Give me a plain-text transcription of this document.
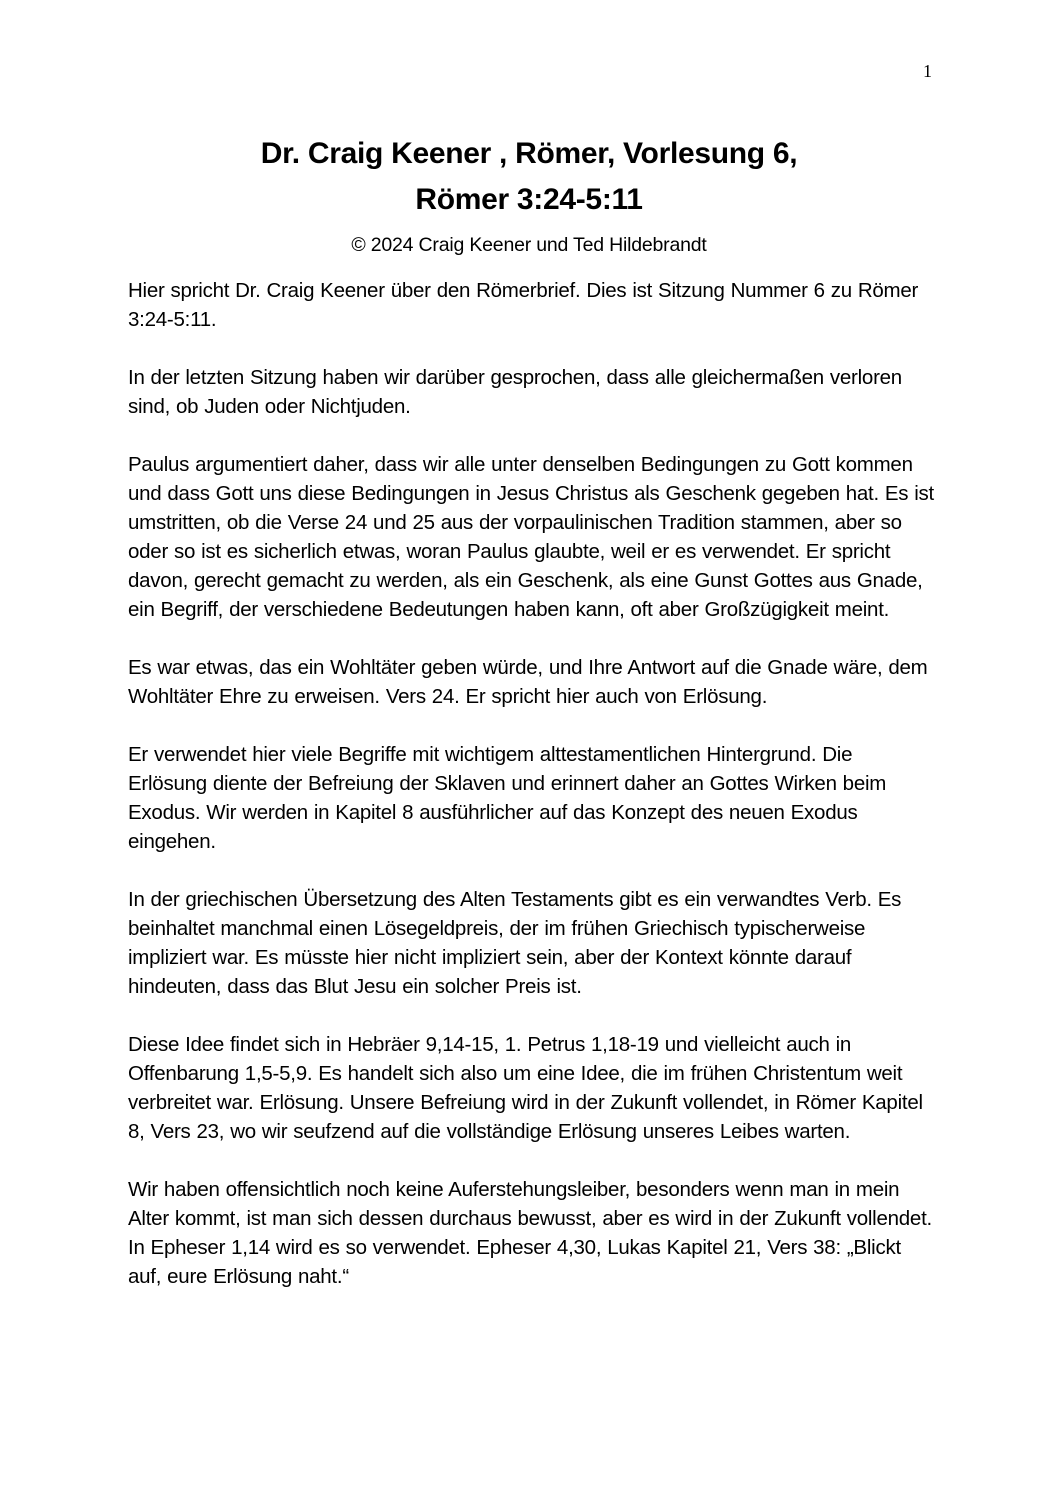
1
Dr. Craig Keener , Römer, Vorlesung 6,
Römer 3:24-5:11
© 2024 Craig Keener und Ted Hildebrandt

Hier spricht Dr. Craig Keener über den Römerbrief. Dies ist Sitzung Nummer 6 zu Römer 3:24-5:11.

In der letzten Sitzung haben wir darüber gesprochen, dass alle gleichermaßen verloren sind, ob Juden oder Nichtjuden.

Paulus argumentiert daher, dass wir alle unter denselben Bedingungen zu Gott kommen und dass Gott uns diese Bedingungen in Jesus Christus als Geschenk gegeben hat. Es ist umstritten, ob die Verse 24 und 25 aus der vorpaulinischen Tradition stammen, aber so oder so ist es sicherlich etwas, woran Paulus glaubte, weil er es verwendet. Er spricht davon, gerecht gemacht zu werden, als ein Geschenk, als eine Gunst Gottes aus Gnade, ein Begriff, der verschiedene Bedeutungen haben kann, oft aber Großzügigkeit meint.

Es war etwas, das ein Wohltäter geben würde, und Ihre Antwort auf die Gnade wäre, dem Wohltäter Ehre zu erweisen. Vers 24. Er spricht hier auch von Erlösung.

Er verwendet hier viele Begriffe mit wichtigem alttestamentlichen Hintergrund. Die Erlösung diente der Befreiung der Sklaven und erinnert daher an Gottes Wirken beim Exodus. Wir werden in Kapitel 8 ausführlicher auf das Konzept des neuen Exodus eingehen.

In der griechischen Übersetzung des Alten Testaments gibt es ein verwandtes Verb. Es beinhaltet manchmal einen Lösegeldpreis, der im frühen Griechisch typischerweise impliziert war. Es müsste hier nicht impliziert sein, aber der Kontext könnte darauf hindeuten, dass das Blut Jesu ein solcher Preis ist.

Diese Idee findet sich in Hebräer 9,14-15, 1. Petrus 1,18-19 und vielleicht auch in Offenbarung 1,5-5,9. Es handelt sich also um eine Idee, die im frühen Christentum weit verbreitet war. Erlösung. Unsere Befreiung wird in der Zukunft vollendet, in Römer Kapitel 8, Vers 23, wo wir seufzend auf die vollständige Erlösung unseres Leibes warten.

Wir haben offensichtlich noch keine Auferstehungsleiber, besonders wenn man in mein Alter kommt, ist man sich dessen durchaus bewusst, aber es wird in der Zukunft vollendet. In Epheser 1,14 wird es so verwendet. Epheser 4,30, Lukas Kapitel 21, Vers 38: „Blickt auf, eure Erlösung naht.“
